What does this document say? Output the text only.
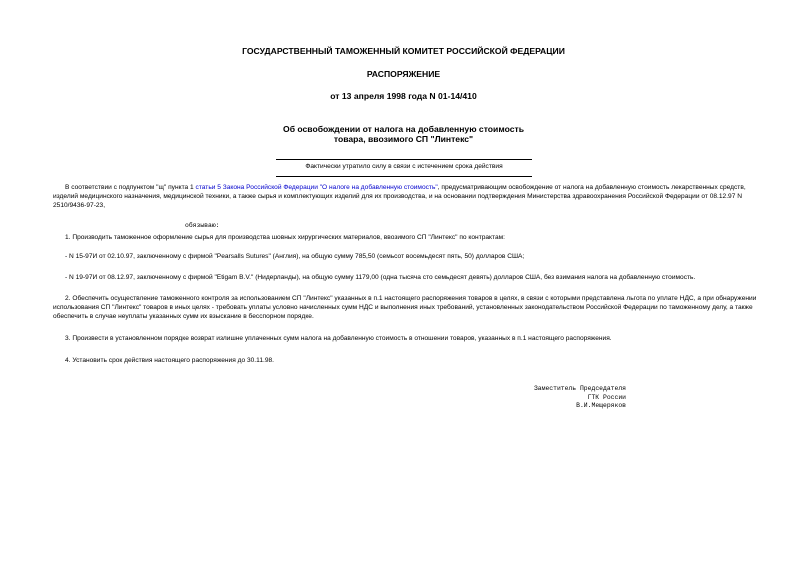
ГОСУДАРСТВЕННЫЙ ТАМОЖЕННЫЙ КОМИТЕТ РОССИЙСКОЙ ФЕДЕРАЦИИ
РАСПОРЯЖЕНИЕ
от 13 апреля 1998 года N 01-14/410
Об освобождении от налога на добавленную стоимость
товара, ввозимого СП "Линтекс"
Фактически утратило силу в связи с истечением срока действия
В соответствии с подпунктом "щ" пункта 1 статьи 5 Закона Российской Федерации "О налоге на добавленную стоимость", предусматривающим освобождение от налога на добавленную стоимость лекарственных средств, изделий медицинского назначения, медицинской техники, а также сырья и комплектующих изделий для их производства, и на основании подтверждения Министерства здравоохранения Российской Федерации от 08.12.97 N 2510/9436-97-23,
обязываю:
1. Производить таможенное оформление сырья для производства шовных хирургических материалов, ввозимого СП "Линтекс" по контрактам:
- N 15-97И от 02.10.97, заключенному с фирмой "Pearsalls Sutures" (Англия), на общую сумму 785,50 (семьсот восемьдесят пять, 50) долларов США;
- N 19-97И от 08.12.97, заключенному с фирмой "Etigam B.V." (Нидерланды), на общую сумму 1179,00 (одна тысяча сто семьдесят девять) долларов США, без взимания налога на добавленную стоимость.
2. Обеспечить осуществление таможенного контроля за использованием СП "Линтекс" указанных в п.1 настоящего распоряжения товаров в целях, в связи с которыми представлена льгота по уплате НДС, а при обнаружении использования СП "Линтекс" товаров в иных целях - требовать уплаты условно начисленных сумм НДС и выполнения иных требований, установленных законодательством Российской Федерации по таможенному делу, а также обеспечить в случае неуплаты указанных сумм их взыскание в бесспорном порядке.
3. Произвести в установленном порядке возврат излишне уплаченных сумм налога на добавленную стоимость в отношении товаров, указанных в п.1 настоящего распоряжения.
4. Установить срок действия настоящего распоряжения до 30.11.98.
Заместитель Председателя
ГТК России
В.И.Мещеряков
